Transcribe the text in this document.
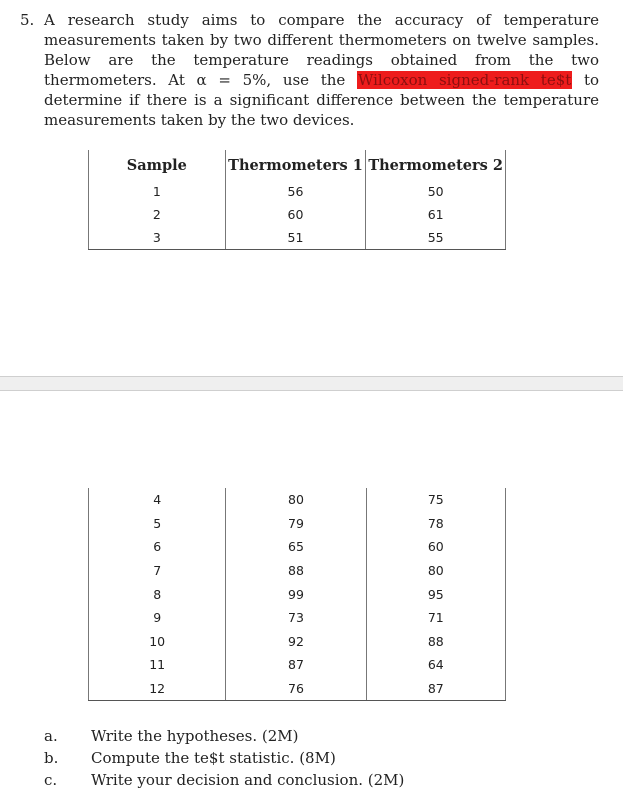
5. A research study aims to compare the accuracy of temperature measurements taken by two different thermometers on twelve samples. Below are the temperature readings obtained from the two thermometers. At α = 5%, use the Wilcoxon signed-rank te$t to determine if there is a significant difference between the temperature measurements taken by the two devices.
Sample	Thermometers 1	Thermometers 2
1	56	50
2	60	61
3	51	55
4	80	75
5	79	78
6	65	60
7	88	80
8	99	95
9	73	71
10	92	88
11	87	64
12	76	87
a.	Write the hypotheses. (2M)
b.	Compute the te$t statistic. (8M)
c.	Write your decision and conclusion. (2M)
